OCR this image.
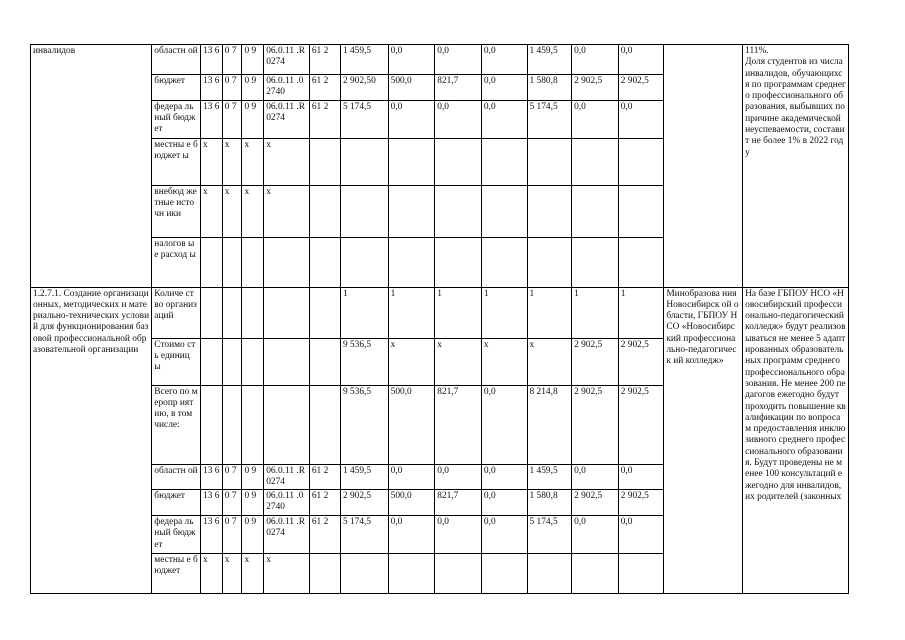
инвалидов	областн ой	13 6	0 7	0 9	06.0.11 .R0274	61 2	1 459,5	0,0	0,0	0,0	1 459,5	0,0	0,0		111%.
Доля студентов из числа инвалидов, обучающихся по программам среднего профессионального образования, выбывших по причине академической неуспеваемости, составит не более 1% в 2022 году
	бюджет	13 6	0 7	0 9	06.0.11 .02740	61 2	2 902,50	500,0	821,7	0,0	1 580,8	2 902,5	2 902,5		
	федера льный бюджет	13 6	0 7	0 9	06.0.11 .R0274	61 2	5 174,5	0,0	0,0	0,0	5 174,5	0,0	0,0		
	местны е бюджет ы	х	х	х	х										
	внебюд жетные источн ики	х	х	х	х										
	налогов ые расход ы														
1.2.7.1. Создание организационных, методических и материально-технических условий для функционирования базовой профессиональной образовательной организации	Количе ство организ аций						1	1	1	1	1	1	1	Минобразова ния Новосибирск ой области, ГБПОУ НСО «Новосибирс кий профессиона льно-педагогическ ий колледж»	На базе ГБПОУ НСО «Новосибирский профессионально-педагогический колледж» будут реализовываться не менее 5 адаптированных образовательных программ среднего профессионального образования. Не менее 200 педагогов ежегодно будут проходить повышение квалификации по вопросам предоставления инклюзивного среднего профессионального образования. Будут проведены не менее 100 консультаций ежегодно для инвалидов, их родителей (законных
	Стоимо сть единиц ы						9 536,5	х	х	х	х	2 902,5	2 902,5		
	Всего по меропр иятию, в том числе:						9 536,5	500,0	821,7	0,0	8 214,8	2 902,5	2 902,5		
	областн ой	13 6	0 7	0 9	06.0.11 .R0274	61 2	1 459,5	0,0	0,0	0,0	1 459,5	0,0	0,0		
	бюджет	13 6	0 7	0 9	06.0.11 .02740	61 2	2 902,5	500,0	821,7	0,0	1 580,8	2 902,5	2 902,5		
	федера льный бюджет	13 6	0 7	0 9	06.0.11 .R0274	61 2	5 174,5	0,0	0,0	0,0	5 174,5	0,0	0,0		
	местны е бюджет	х	х	х	х										
